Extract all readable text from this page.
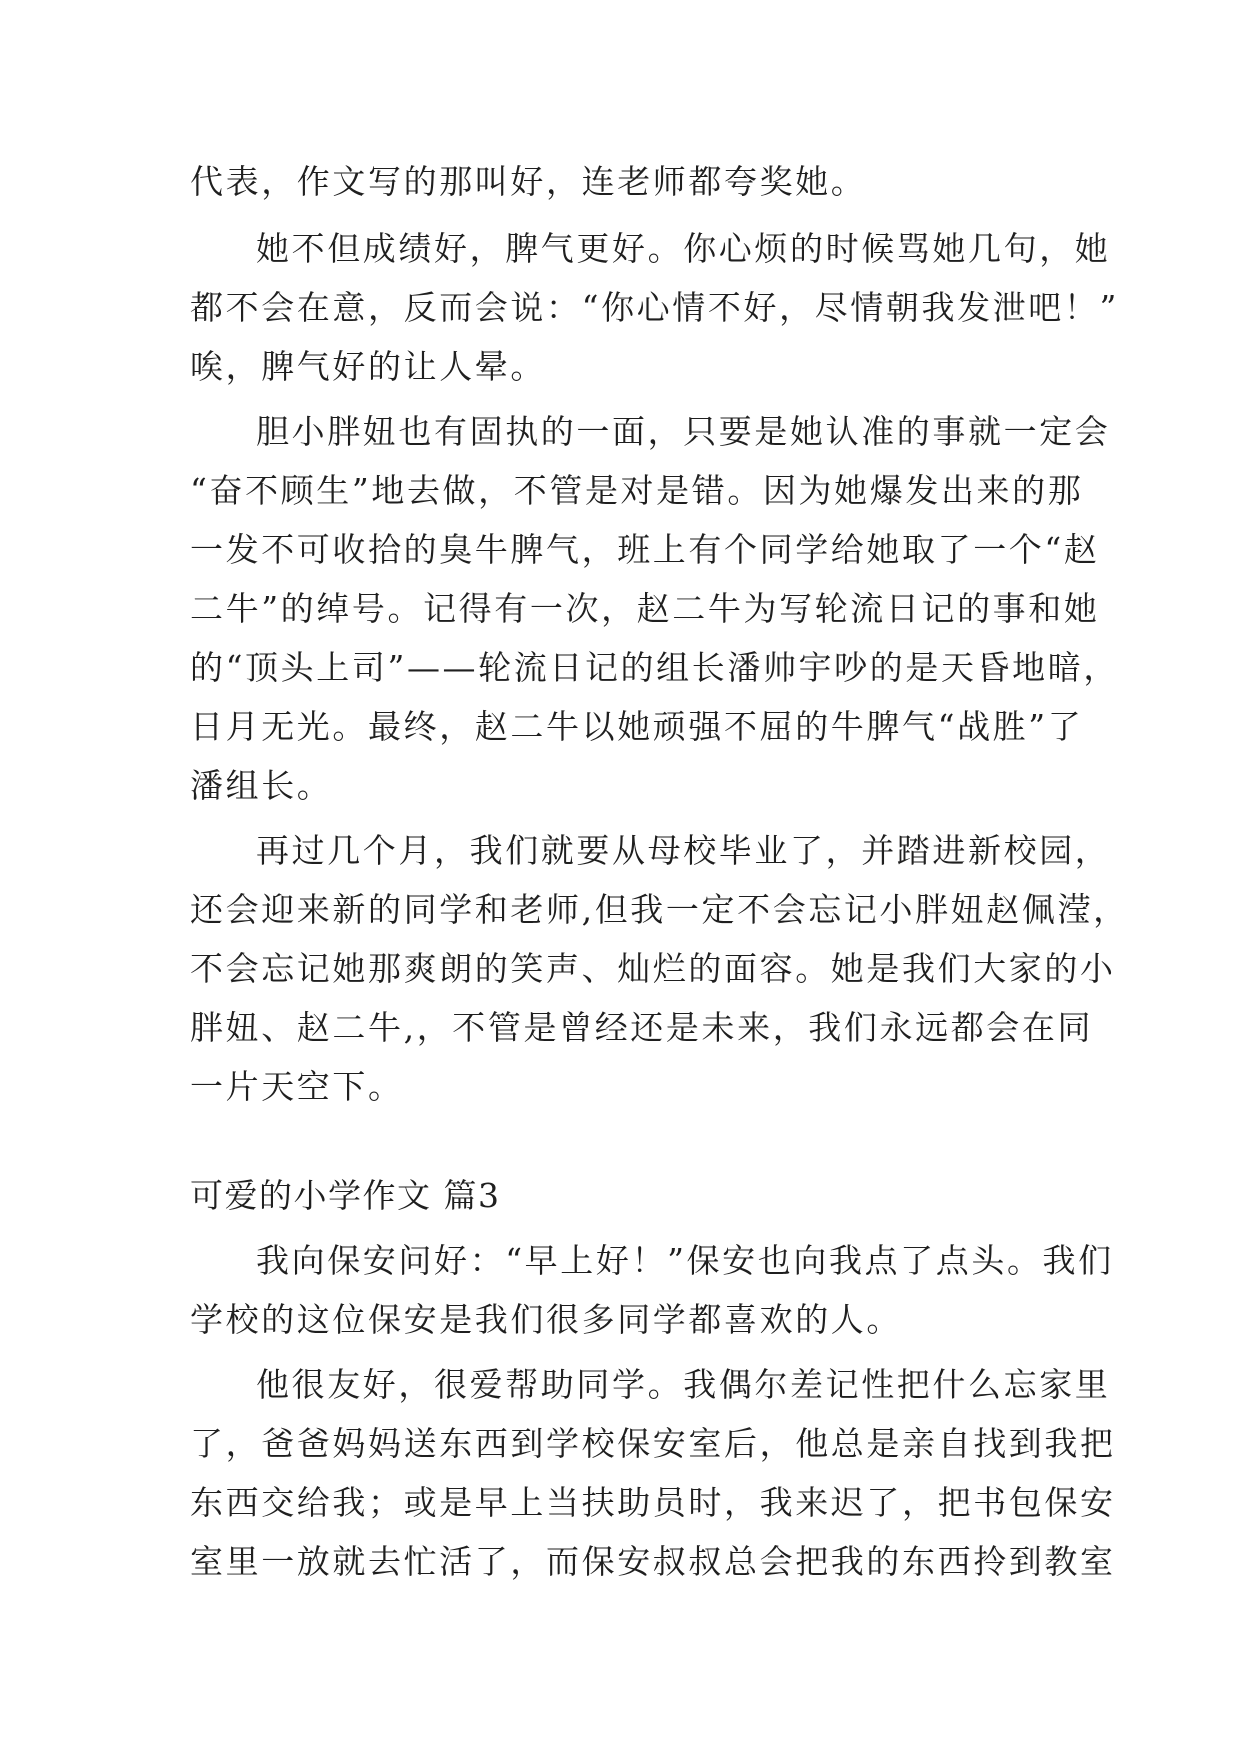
代表，作文写的那叫好，连老师都夸奖她。
她不但成绩好，脾气更好。你心烦的时候骂她几句，她
都不会在意，反而会说：“你心情不好，尽情朝我发泄吧！”
唉，脾气好的让人晕。
胆小胖妞也有固执的一面，只要是她认准的事就一定会
“奋不顾生”地去做，不管是对是错。因为她爆发出来的那
一发不可收拾的臭牛脾气，班上有个同学给她取了一个“赵
二牛”的绰号。记得有一次，赵二牛为写轮流日记的事和她
的“顶头上司”——轮流日记的组长潘帅宇吵的是天昏地暗，
日月无光。最终，赵二牛以她顽强不屈的牛脾气“战胜”了
潘组长。
再过几个月，我们就要从母校毕业了，并踏进新校园，
还会迎来新的同学和老师,但我一定不会忘记小胖妞赵佩滢，
不会忘记她那爽朗的笑声、灿烂的面容。她是我们大家的小
胖妞、赵二牛,，不管是曾经还是未来，我们永远都会在同
一片天空下。
可爱的小学作文 篇3
我向保安问好：“早上好！”保安也向我点了点头。我们
学校的这位保安是我们很多同学都喜欢的人。
他很友好，很爱帮助同学。我偶尔差记性把什么忘家里
了，爸爸妈妈送东西到学校保安室后，他总是亲自找到我把
东西交给我；或是早上当扶助员时，我来迟了，把书包保安
室里一放就去忙活了，而保安叔叔总会把我的东西拎到教室
